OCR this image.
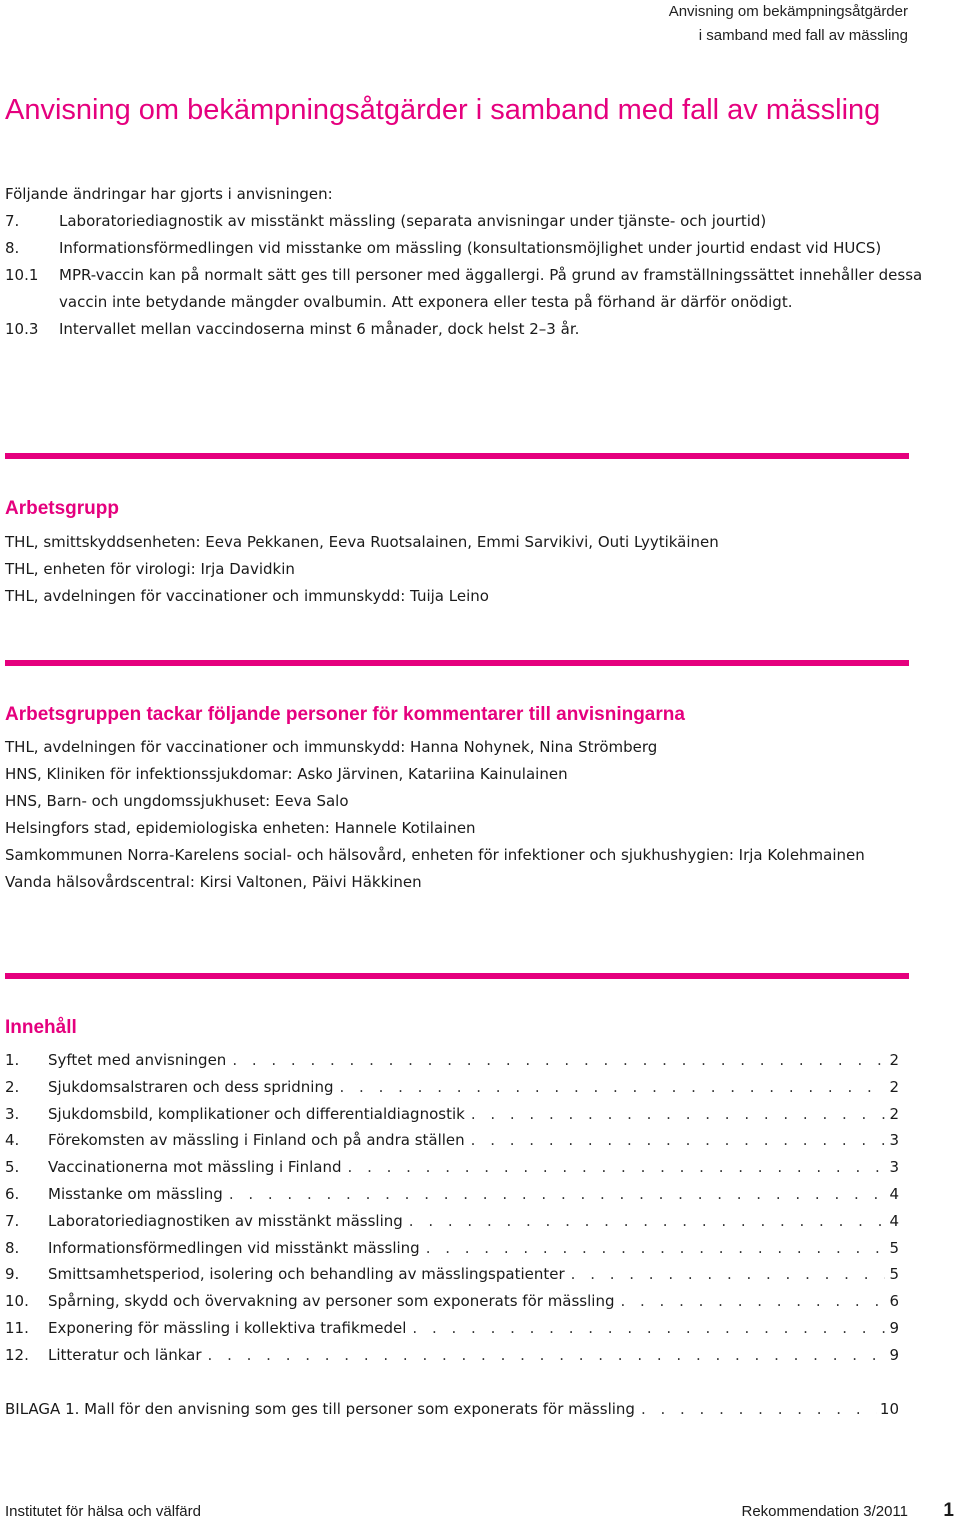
Anvisning om bekämpningsåtgärder
i samband med fall av mässling
Anvisning om bekämpningsåtgärder i samband med fall av mässling
Följande ändringar har gjorts i anvisningen:
7.	Laboratoriediagnostik av misstänkt mässling (separata anvisningar under tjänste- och jourtid)
8.	Informationsförmedlingen vid misstanke om mässling (konsultationsmöjlighet under jourtid endast vid HUCS)
10.1	MPR-vaccin kan på normalt sätt ges till personer med äggallergi. På grund av framställningssättet innehåller dessa vaccin inte betydande mängder ovalbumin. Att exponera eller testa på förhand är därför onödigt.
10.3	Intervallet mellan vaccindoserna minst 6 månader, dock helst 2–3 år.
Arbetsgrupp
THL, smittskyddsenheten: Eeva Pekkanen, Eeva Ruotsalainen, Emmi Sarvikivi, Outi Lyytikäinen
THL, enheten för virologi: Irja Davidkin
THL, avdelningen för vaccinationer och immunskydd: Tuija Leino
Arbetsgruppen tackar följande personer för kommentarer till anvisningarna
THL, avdelningen för vaccinationer och immunskydd: Hanna Nohynek, Nina Strömberg
HNS, Kliniken för infektionssjukdomar: Asko Järvinen, Katariina Kainulainen
HNS, Barn- och ungdomssjukhuset: Eeva Salo
Helsingfors stad, epidemiologiska enheten: Hannele Kotilainen
Samkommunen Norra-Karelens social- och hälsovård, enheten för infektioner och sjukhushygien: Irja Kolehmainen
Vanda hälsovårdscentral: Kirsi Valtonen, Päivi Häkkinen
Innehåll
1.	Syftet med anvisningen . . .	2
2.	Sjukdomsalstraren och dess spridning . . .	2
3.	Sjukdomsbild, komplikationer och differentialdiagnostik . . .	2
4.	Förekomsten av mässling i Finland och på andra ställen . . .	3
5.	Vaccinationerna mot mässling i Finland . . .	3
6.	Misstanke om mässling . . .	4
7.	Laboratoriediagnostiken av misstänkt mässling . . .	4
8.	Informationsförmedlingen vid misstänkt mässling . . .	5
9.	Smittsamhetsperiod, isolering och behandling av mässlingspatienter . . .	5
10.	Spårning, skydd och övervakning av personer som exponerats för mässling . . .	6
11.	Exponering för mässling i kollektiva trafikmedel . . .	9
12.	Litteratur och länkar . . .	9
BILAGA 1. Mall för den anvisning som ges till personer som exponerats för mässling . . .	10
Institutet för hälsa och välfärd	Rekommendation 3/2011 1
